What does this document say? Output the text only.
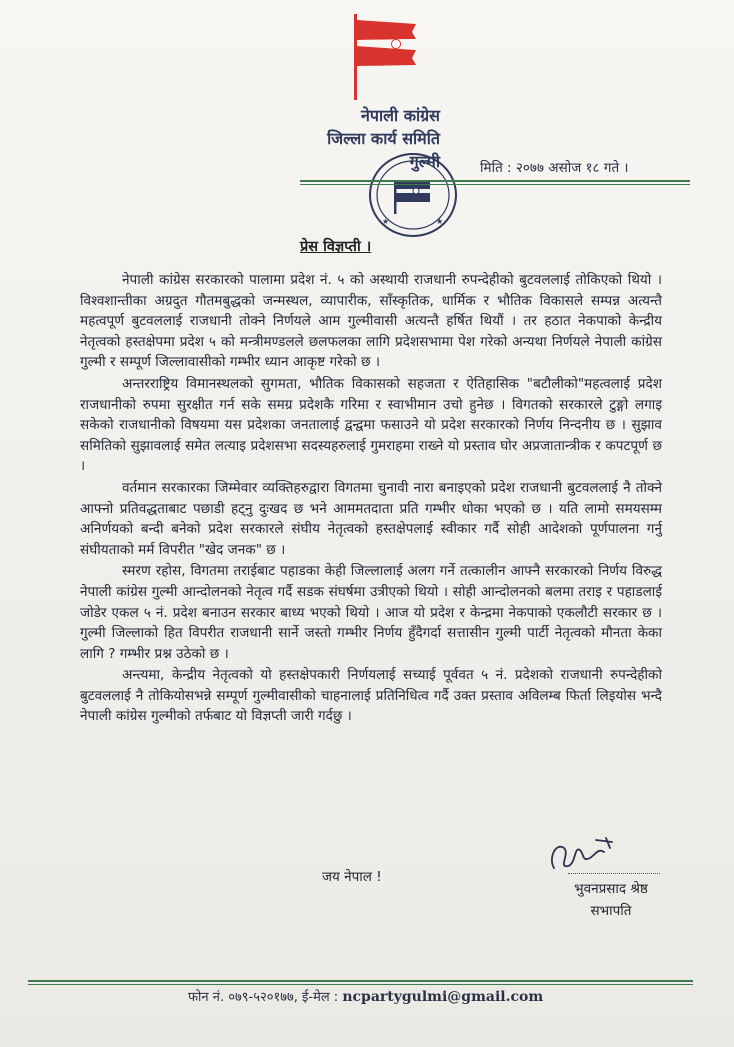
नेपाली कांग्रेस
जिल्ला कार्य समिति
गुल्मी
★	★
मिति : २०७७ असोज १८ गते ।
प्रेस विज्ञप्ती ।

नेपाली कांग्रेस सरकारको पालामा प्रदेश नं. ५ को अस्थायी राजधानी रुपन्देहीको बुटवललाई तोकिएको थियो । विश्वशान्तीका अग्रदुत गौतमबुद्धको जन्मस्थल, व्यापारीक, साँस्कृतिक, धार्मिक र भौतिक विकासले सम्पन्न अत्यन्तै महत्वपूर्ण बुटवललाई राजधानी तोक्ने निर्णयले आम गुल्मीवासी अत्यन्तै हर्षित थियौं । तर हठात नेकपाको केन्द्रीय नेतृत्वको हस्तक्षेपमा प्रदेश ५ को मन्त्रीमण्डलले छलफलका लागि प्रदेशसभामा पेश गरेको अन्यथा निर्णयले नेपाली कांग्रेस गुल्मी र सम्पूर्ण जिल्लावासीको गम्भीर ध्यान आकृष्ट गरेको छ ।

अन्तरराष्ट्रिय विमानस्थलको सुगमता, भौतिक विकासको सहजता र ऐतिहासिक "बटौलीको"महत्वलाई प्रदेश राजधानीको रुपमा सुरक्षीत गर्न सके समग्र प्रदेशकै गरिमा र स्वाभीमान उचो हुनेछ । विगतको सरकारले टुङ्गो लगाइ सकेको राजधानीको विषयमा यस प्रदेशका जनतालाई द्वन्द्वमा फसाउने यो प्रदेश सरकारको निर्णय निन्दनीय छ । सुझाव समितिको सुझावलाई समेत लत्याइ प्रदेशसभा सदस्यहरुलाई गुमराहमा राख्ने यो प्रस्ताव घोर अप्रजातान्त्रीक र कपटपूर्ण छ ।

वर्तमान सरकारका जिम्मेवार व्यक्तिहरुद्वारा विगतमा चुनावी नारा बनाइएको प्रदेश राजधानी बुटवललाई नै तोक्ने आफ्नो प्रतिवद्धताबाट पछाडी हट्नु दुःखद छ भने आममतदाता प्रति गम्भीर धोका भएको छ । यति लामो समयसम्म अनिर्णयको बन्दी बनेको प्रदेश सरकारले संघीय नेतृत्वको हस्तक्षेपलाई स्वीकार गर्दै सोही आदेशको पूर्णपालना गर्नु संघीयताको मर्म विपरीत "खेद जनक" छ ।

स्मरण रहोस, विगतमा तराईबाट पहाडका केही जिल्लालाई अलग गर्ने तत्कालीन आफ्नै सरकारको निर्णय विरुद्ध नेपाली कांग्रेस गुल्मी आन्दोलनको नेतृत्व गर्दै सडक संघर्षमा उत्रीएको थियो । सोही आन्दोलनको बलमा तराइ र पहाडलाई जोडेर एकल ५ नं. प्रदेश बनाउन सरकार बाध्य भएको थियो । आज यो प्रदेश र केन्द्रमा नेकपाको एकलौटी सरकार छ । गुल्मी जिल्लाको हित विपरीत राजधानी सार्ने जस्तो गम्भीर निर्णय हुँदैगर्दा सत्तासीन गुल्मी पार्टी नेतृत्वको मौनता केका लागि ? गम्भीर प्रश्न उठेको छ ।

अन्त्यमा, केन्द्रीय नेतृत्वको यो हस्तक्षेपकारी निर्णयलाई सच्याई पूर्ववत ५ नं. प्रदेशको राजधानी रुपन्देहीको बुटवललाई नै तोकियोसभन्ने सम्पूर्ण गुल्मीवासीको चाहनालाई प्रतिनिधित्व गर्दै उक्त प्रस्ताव अविलम्ब फिर्ता लिइयोस भन्दै नेपाली कांग्रेस गुल्मीको तर्फबाट यो विज्ञप्ती जारी गर्दछु ।

जय नेपाल !
भुवनप्रसाद श्रेष्ठ
सभापति
फोन नं. ०७९-५२०१७७, ई-मेल : ncpartygulmi@gmail.com
